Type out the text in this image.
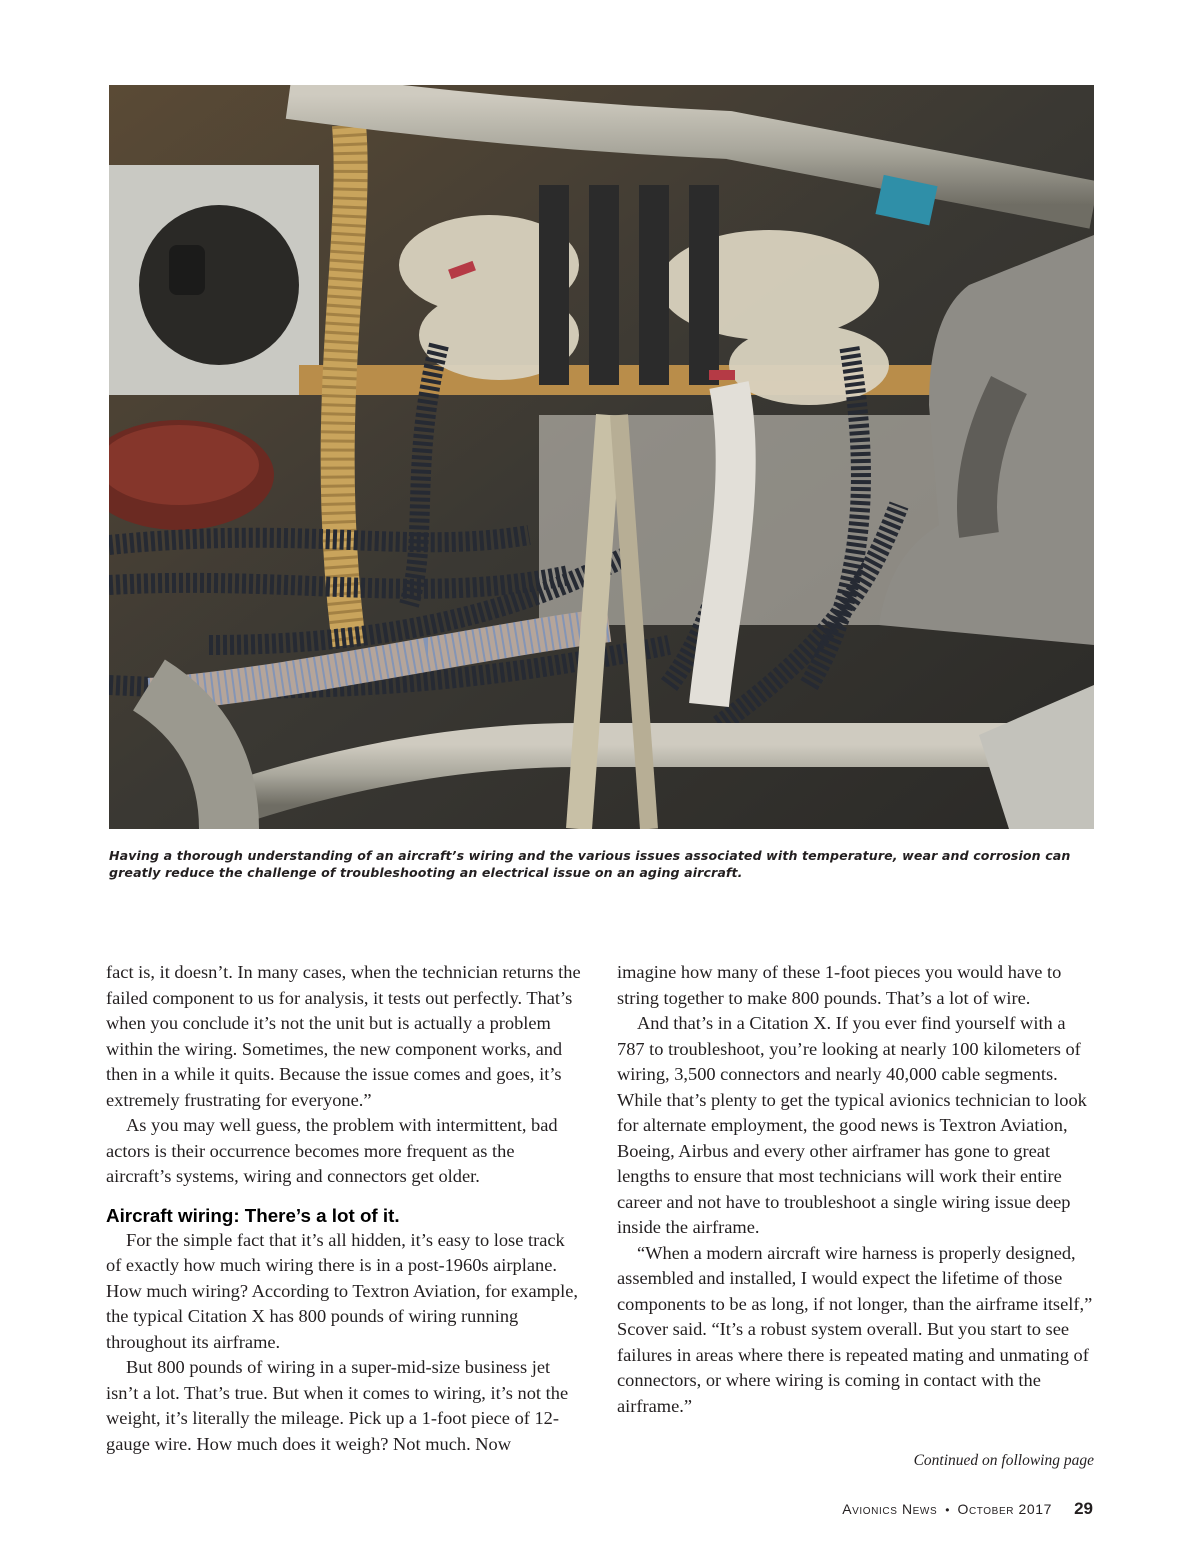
Having a thorough understanding of an aircraft’s wiring and the various issues associated with temperature, wear and corrosion can greatly reduce the challenge of troubleshooting an electrical issue on an aging aircraft.

fact is, it doesn’t. In many cases, when the technician returns the failed component to us for analysis, it tests out perfectly. That’s when you conclude it’s not the unit but is actually a problem within the wiring. Sometimes, the new component works, and then in a while it quits. Because the issue comes and goes, it’s extremely frustrating for everyone.”

As you may well guess, the problem with intermittent, bad actors is their occurrence becomes more frequent as the aircraft’s systems, wiring and connectors get older.

Aircraft wiring: There’s a lot of it.

For the simple fact that it’s all hidden, it’s easy to lose track of exactly how much wiring there is in a post-1960s airplane. How much wiring? According to Textron Aviation, for example, the typical Citation X has 800 pounds of wiring running throughout its airframe.

But 800 pounds of wiring in a super-mid-size business jet isn’t a lot. That’s true. But when it comes to wiring, it’s not the weight, it’s literally the mileage. Pick up a 1-foot piece of 12-gauge wire. How much does it weigh? Not much. Now

imagine how many of these 1-foot pieces you would have to string together to make 800 pounds. That’s a lot of wire.

And that’s in a Citation X. If you ever find yourself with a 787 to troubleshoot, you’re looking at nearly 100 kilometers of wiring, 3,500 connectors and nearly 40,000 cable segments. While that’s plenty to get the typical avionics technician to look for alternate employment, the good news is Textron Aviation, Boeing, Airbus and every other airframer has gone to great lengths to ensure that most technicians will work their entire career and not have to troubleshoot a single wiring issue deep inside the airframe.

“When a modern aircraft wire harness is properly designed, assembled and installed, I would expect the lifetime of those components to be as long, if not longer, than the airframe itself,” Scover said. “It’s a robust system overall. But you start to see failures in areas where there is repeated mating and unmating of connectors, or where wiring is coming in contact with the airframe.”

Continued on following page
Avionics News • October 2017 29
